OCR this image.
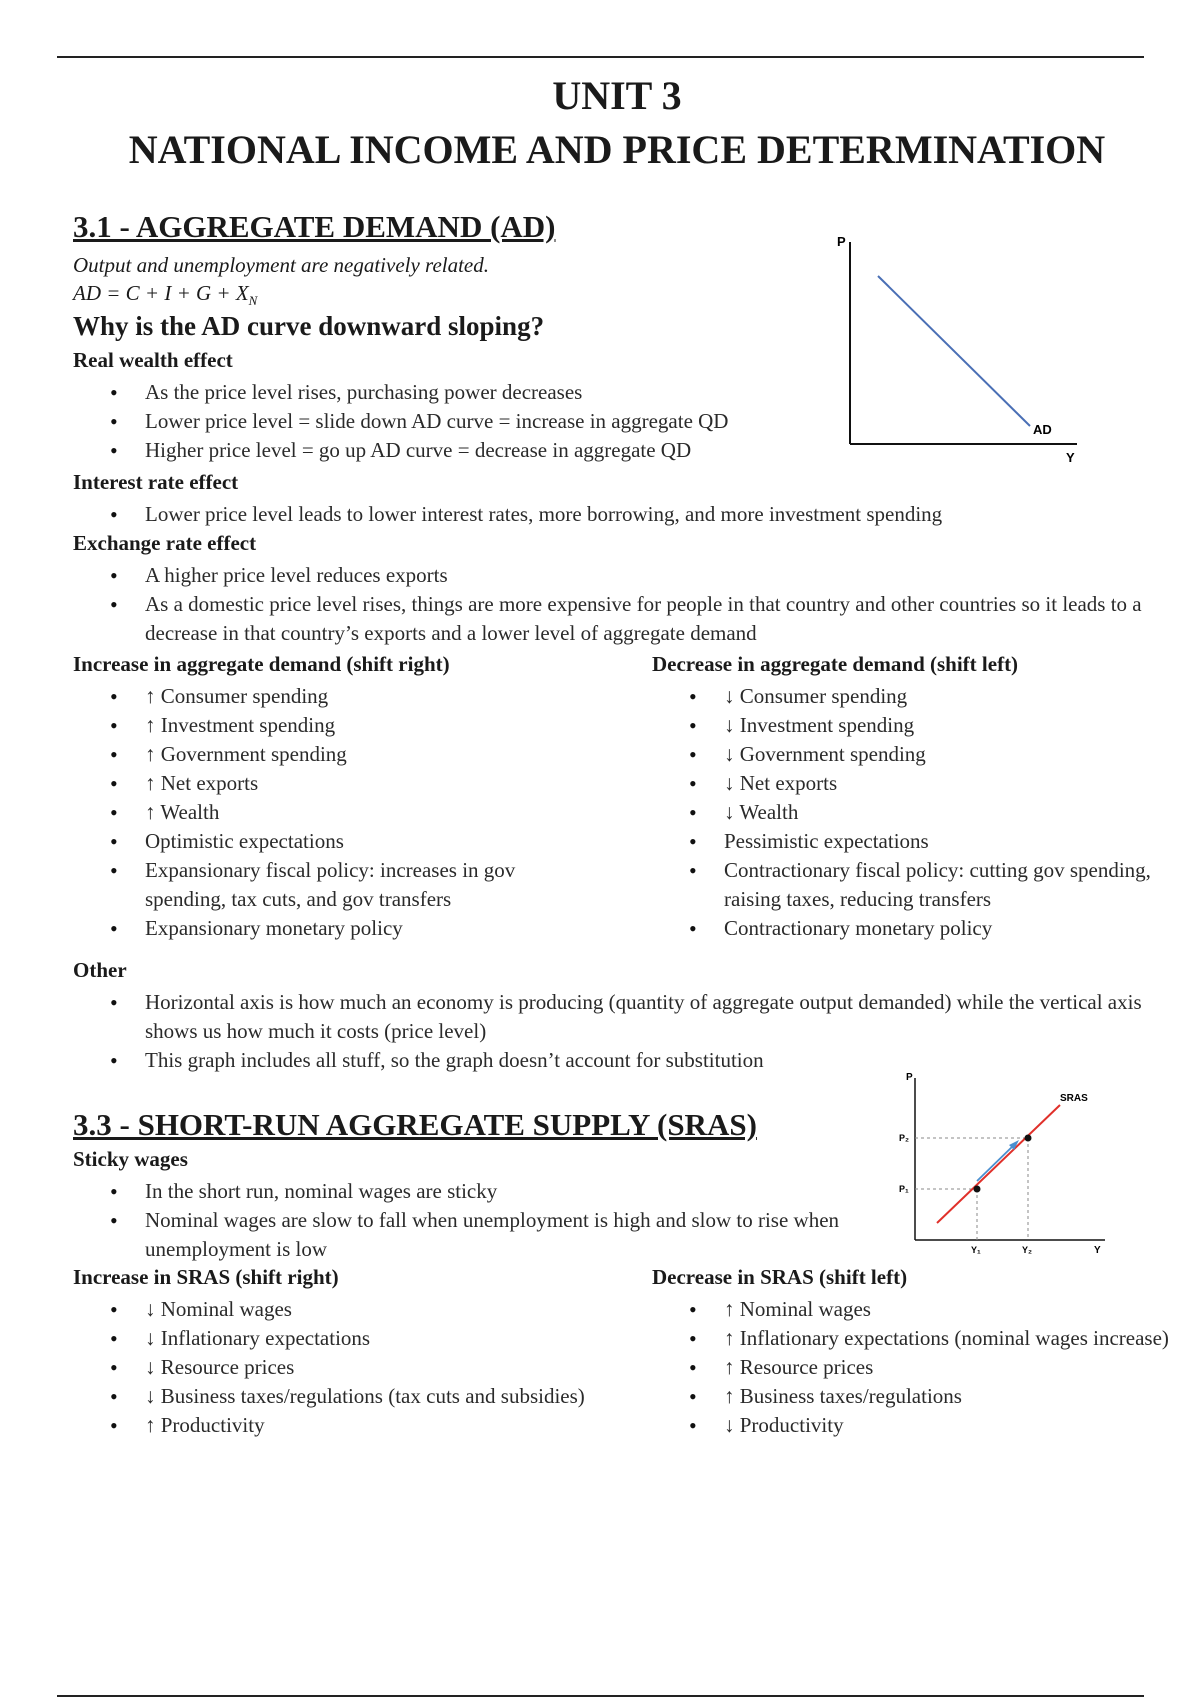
UNIT 3
NATIONAL INCOME AND PRICE DETERMINATION
3.1 - AGGREGATE DEMAND (AD)
Output and unemployment are negatively related.
AD = $C + I + G + X_N$
Why is the AD curve downward sloping?
Real wealth effect
• As the price level rises, purchasing power decreases
• Lower price level = slide down AD curve = increase in aggregate QD
• Higher price level = go up AD curve = decrease in aggregate QD
Interest rate effect
• Lower price level leads to lower interest rates, more borrowing, and more investment spending
Exchange rate effect
• A higher price level reduces exports
• As a domestic price level rises, things are more expensive for people in that country and other countries so it leads to a decrease in that country’s exports and a lower level of aggregate demand
Increase in aggregate demand (shift right)
• ↑ Consumer spending
• ↑ Investment spending
• ↑ Government spending
• ↑ Net exports
• ↑ Wealth
• Optimistic expectations
• Expansionary fiscal policy: increases in gov spending, tax cuts, and gov transfers
• Expansionary monetary policy
Decrease in aggregate demand (shift left)
• ↓ Consumer spending
• ↓ Investment spending
• ↓ Government spending
• ↓ Net exports
• ↓ Wealth
• Pessimistic expectations
• Contractionary fiscal policy: cutting gov spending, raising taxes, reducing transfers
• Contractionary monetary policy
Other
• Horizontal axis is how much an economy is producing (quantity of aggregate output demanded) while the vertical axis shows us how much it costs (price level)
• This graph includes all stuff, so the graph doesn’t account for substitution
P
Y
AD
3.3 - SHORT-RUN AGGREGATE SUPPLY (SRAS)
Sticky wages
• In the short run, nominal wages are sticky
• Nominal wages are slow to fall when unemployment is high and slow to rise when unemployment is low
P
Y
SRAS
P₂
P₁
Y₁	Y₂
Increase in SRAS (shift right)
• ↓ Nominal wages
• ↓ Inflationary expectations
• ↓ Resource prices
• ↓ Business taxes/regulations (tax cuts and subsidies)
• ↑ Productivity
Decrease in SRAS (shift left)
• ↑ Nominal wages
• ↑ Inflationary expectations (nominal wages increase)
• ↑ Resource prices
• ↑ Business taxes/regulations
• ↓ Productivity
